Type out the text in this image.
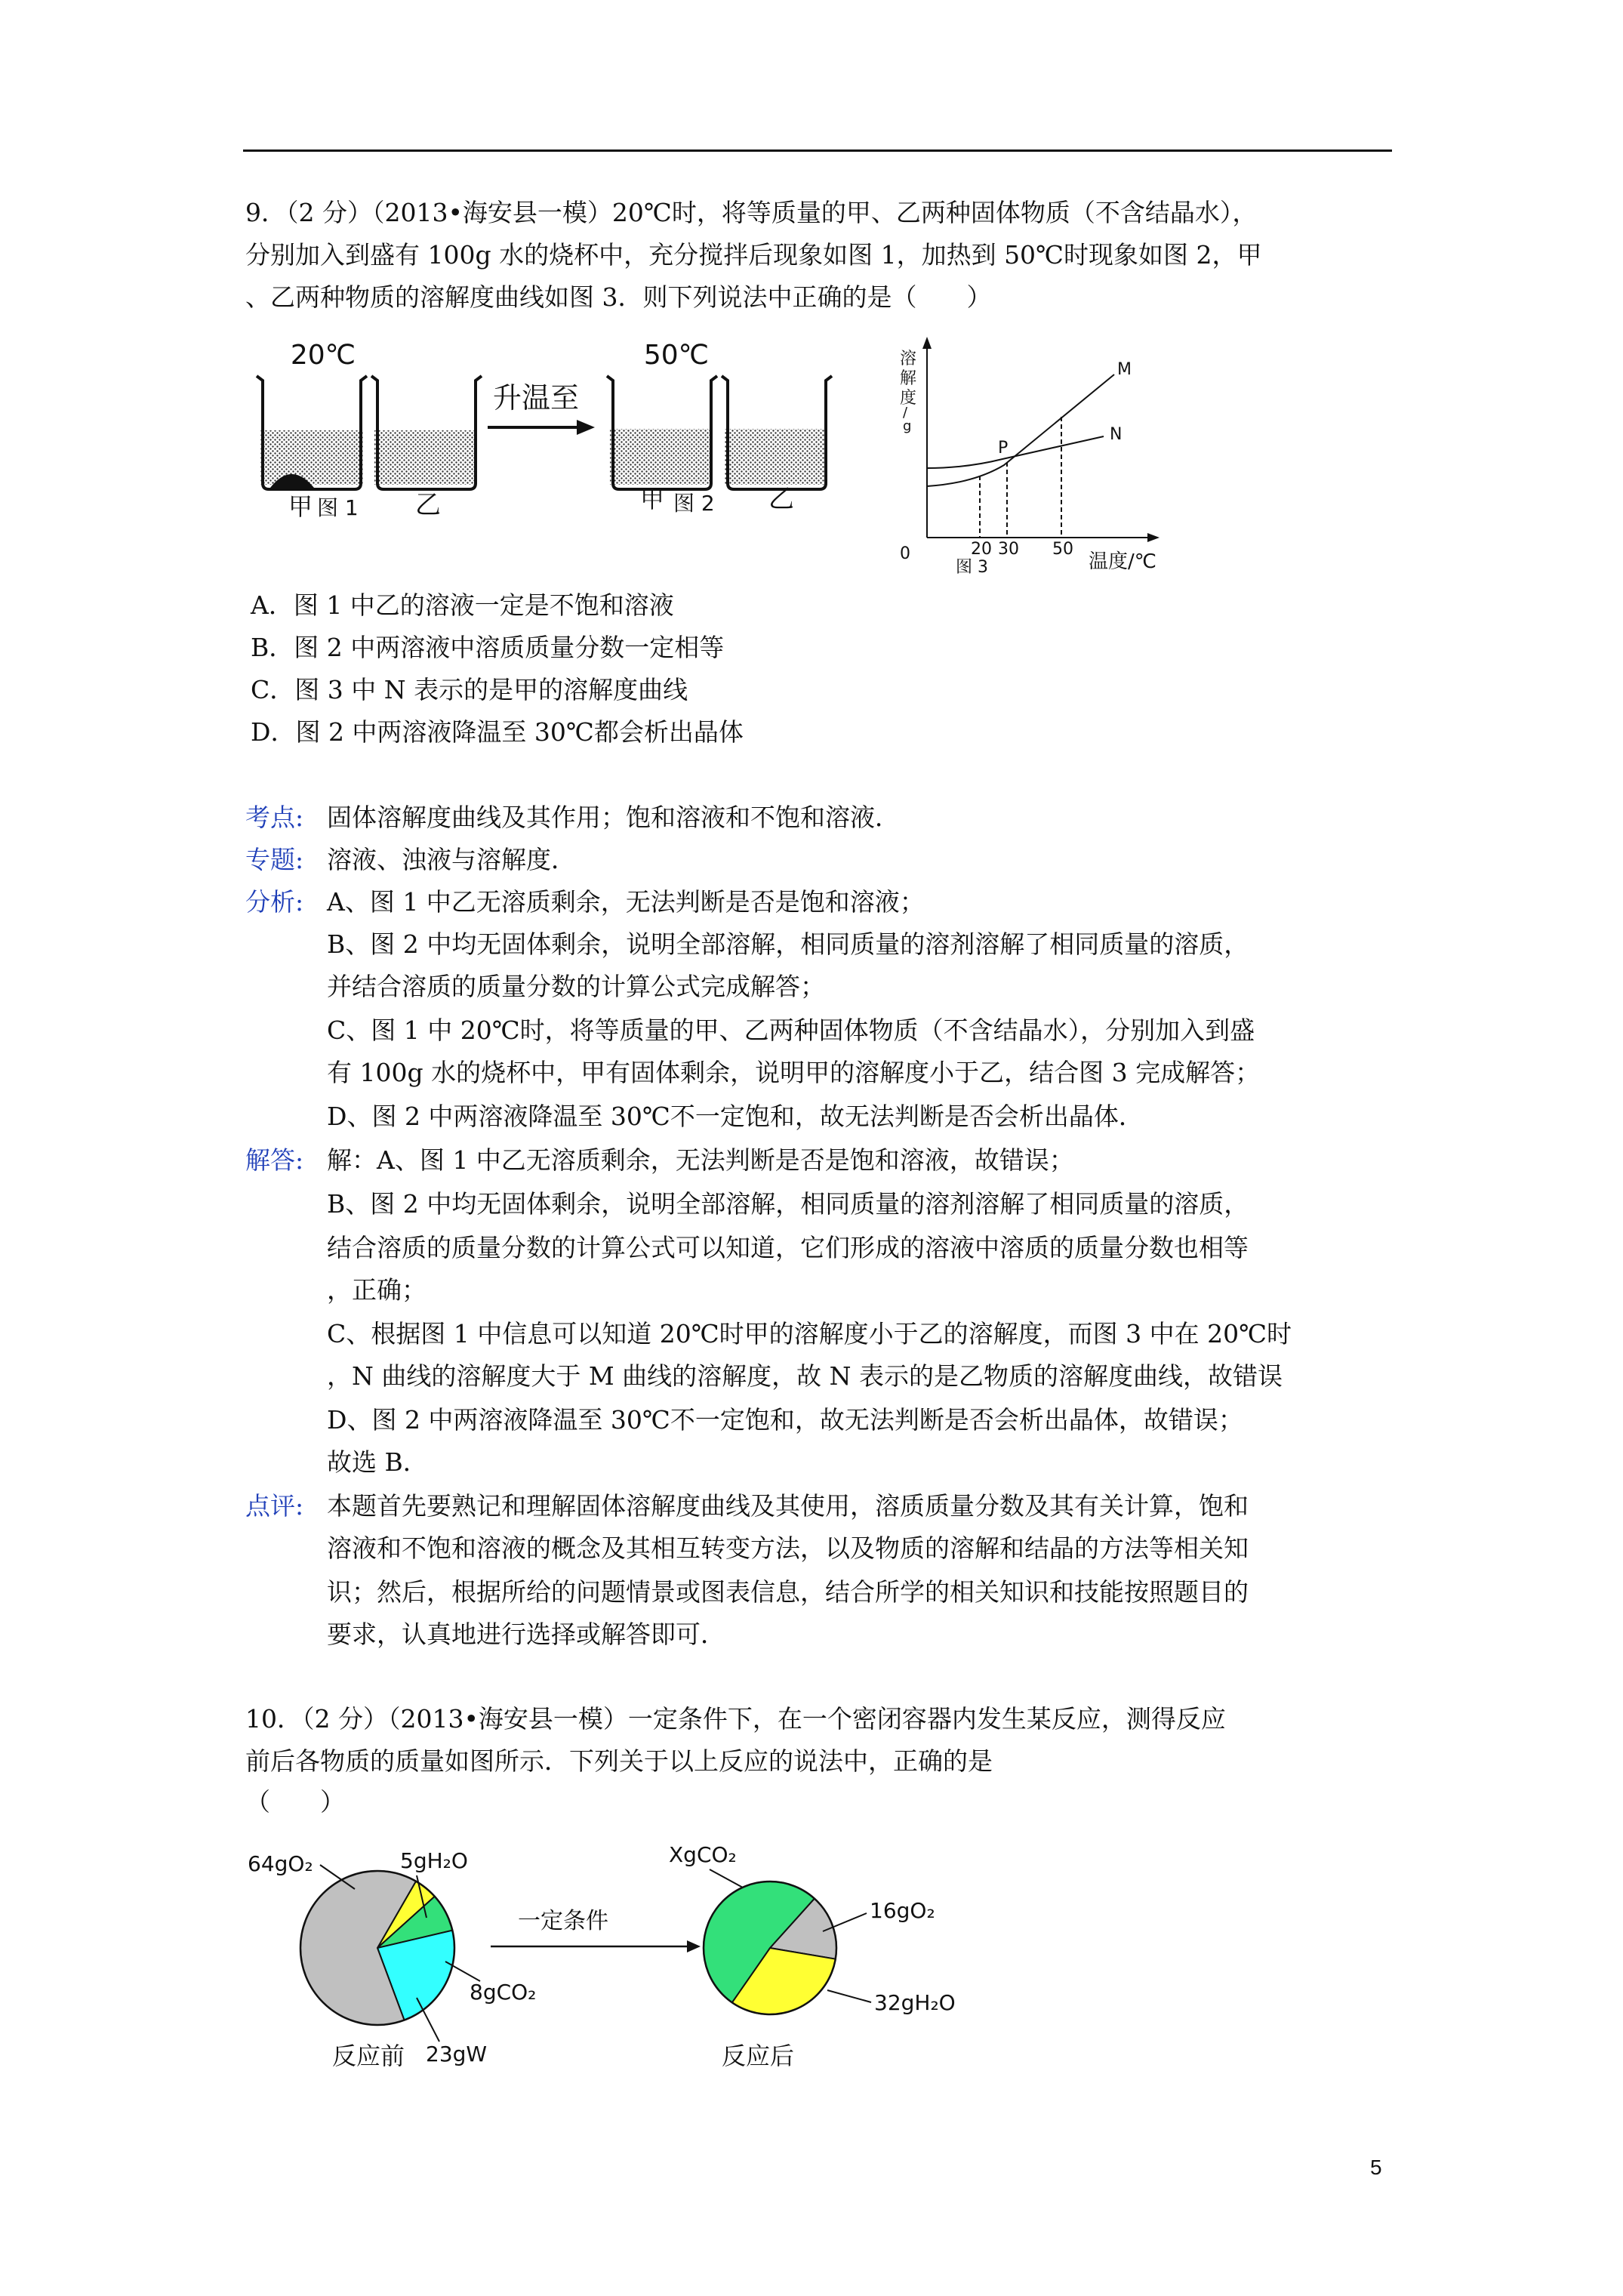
9．（2 分）（2013•海安县一模）20℃时，将等质量的甲、乙两种固体物质（不含结晶水），
分别加入到盛有 100g 水的烧杯中，充分搅拌后现象如图 1，加热到 50℃时现象如图 2，甲
、乙两种物质的溶解度曲线如图 3．则下列说法中正确的是（　　）
20℃	50℃
甲 图 1 乙
升温至
甲 图 2 乙
溶
解
度
/
g
P
M
N
0	20 30 50
图 3	温度/℃
A．图 1 中乙的溶液一定是不饱和溶液
B．图 2 中两溶液中溶质质量分数一定相等
C．图 3 中 N 表示的是甲的溶解度曲线
D．图 2 中两溶液降温至 30℃都会析出晶体
考点: 固体溶解度曲线及其作用；饱和溶液和不饱和溶液．
专题: 溶液、浊液与溶解度．
分析: A、图 1 中乙无溶质剩余，无法判断是否是饱和溶液；
B、图 2 中均无固体剩余，说明全部溶解，相同质量的溶剂溶解了相同质量的溶质，
并结合溶质的质量分数的计算公式完成解答；
C、图 1 中 20℃时，将等质量的甲、乙两种固体物质（不含结晶水），分别加入到盛
有 100g 水的烧杯中，甲有固体剩余，说明甲的溶解度小于乙，结合图 3 完成解答；
D、图 2 中两溶液降温至 30℃不一定饱和，故无法判断是否会析出晶体．
解答: 解：A、图 1 中乙无溶质剩余，无法判断是否是饱和溶液，故错误；
B、图 2 中均无固体剩余，说明全部溶解，相同质量的溶剂溶解了相同质量的溶质，
结合溶质的质量分数的计算公式可以知道，它们形成的溶液中溶质的质量分数也相等
，正确；
C、根据图 1 中信息可以知道 20℃时甲的溶解度小于乙的溶解度，而图 3 中在 20℃时
，N 曲线的溶解度大于 M 曲线的溶解度，故 N 表示的是乙物质的溶解度曲线，故错误
D、图 2 中两溶液降温至 30℃不一定饱和，故无法判断是否会析出晶体，故错误；
故选 B．
点评: 本题首先要熟记和理解固体溶解度曲线及其使用，溶质质量分数及其有关计算，饱和
溶液和不饱和溶液的概念及其相互转变方法，以及物质的溶解和结晶的方法等相关知
识；然后，根据所给的问题情景或图表信息，结合所学的相关知识和技能按照题目的
要求，认真地进行选择或解答即可．
10．（2 分）（2013•海安县一模）一定条件下，在一个密闭容器内发生某反应，测得反应
前后各物质的质量如图所示．下列关于以上反应的说法中，正确的是
（　　）
64gO₂	5gH₂O
8gCO₂
反应前 23gW
一定条件
XgCO₂
16gO₂
32gH₂O
反应后
5
